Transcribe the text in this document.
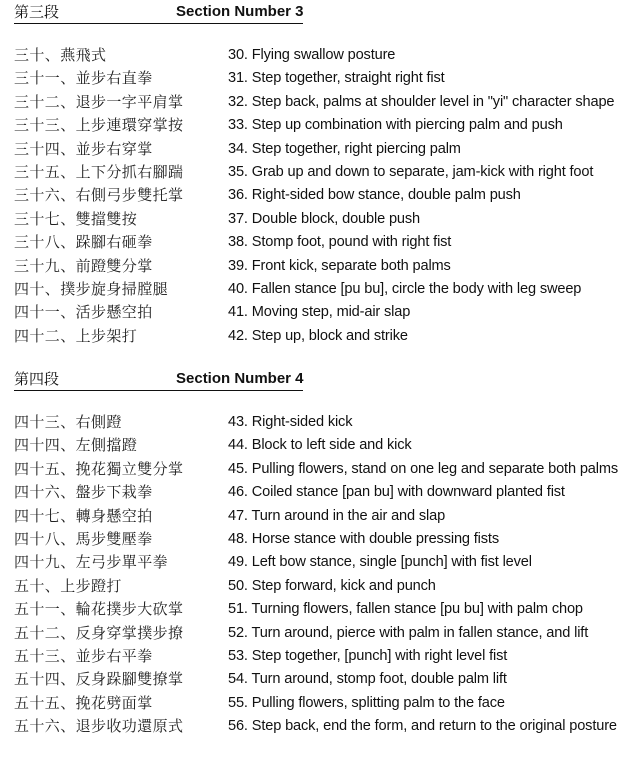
第三段	Section Number 3
三十、燕飛式	30. Flying swallow posture
三十一、並步右直拳	31. Step together, straight right fist
三十二、退步一字平肩掌	32. Step back, palms at shoulder level in "yi" character shape
三十三、上步連環穿掌按	33. Step up combination with piercing palm and push
三十四、並步右穿掌	34. Step together, right piercing palm
三十五、上下分抓右腳踹	35. Grab up and down to separate, jam-kick with right foot
三十六、右側弓步雙托掌	36. Right-sided bow stance, double palm push
三十七、雙擋雙按	37. Double block, double push
三十八、跺腳右砸拳	38. Stomp foot, pound with right fist
三十九、前蹬雙分掌	39. Front kick, separate both palms
四十、撲步旋身掃膛腿	40. Fallen stance [pu bu], circle the body with leg sweep
四十一、活步懸空拍	41. Moving step, mid-air slap
四十二、上步架打	42. Step up, block and strike
第四段	Section Number 4
四十三、右側蹬	43. Right-sided kick
四十四、左側擋蹬	44. Block to left side and kick
四十五、挽花獨立雙分掌	45. Pulling flowers, stand on one leg and separate both palms
四十六、盤步下栽拳	46. Coiled stance [pan bu] with downward planted fist
四十七、轉身懸空拍	47. Turn around in the air and slap
四十八、馬步雙壓拳	48. Horse stance with double pressing fists
四十九、左弓步單平拳	49. Left bow stance, single [punch] with fist level
五十、上步蹬打	50. Step forward, kick and punch
五十一、輪花撲步大砍掌	51. Turning flowers, fallen stance [pu bu] with palm chop
五十二、反身穿掌撲步撩	52. Turn around, pierce with palm in fallen stance, and lift
五十三、並步右平拳	53. Step together, [punch] with right level fist
五十四、反身跺腳雙撩掌	54. Turn around, stomp foot, double palm lift
五十五、挽花劈面掌	55. Pulling flowers, splitting palm to the face
五十六、退步收功還原式	56. Step back, end the form, and return to the original posture
